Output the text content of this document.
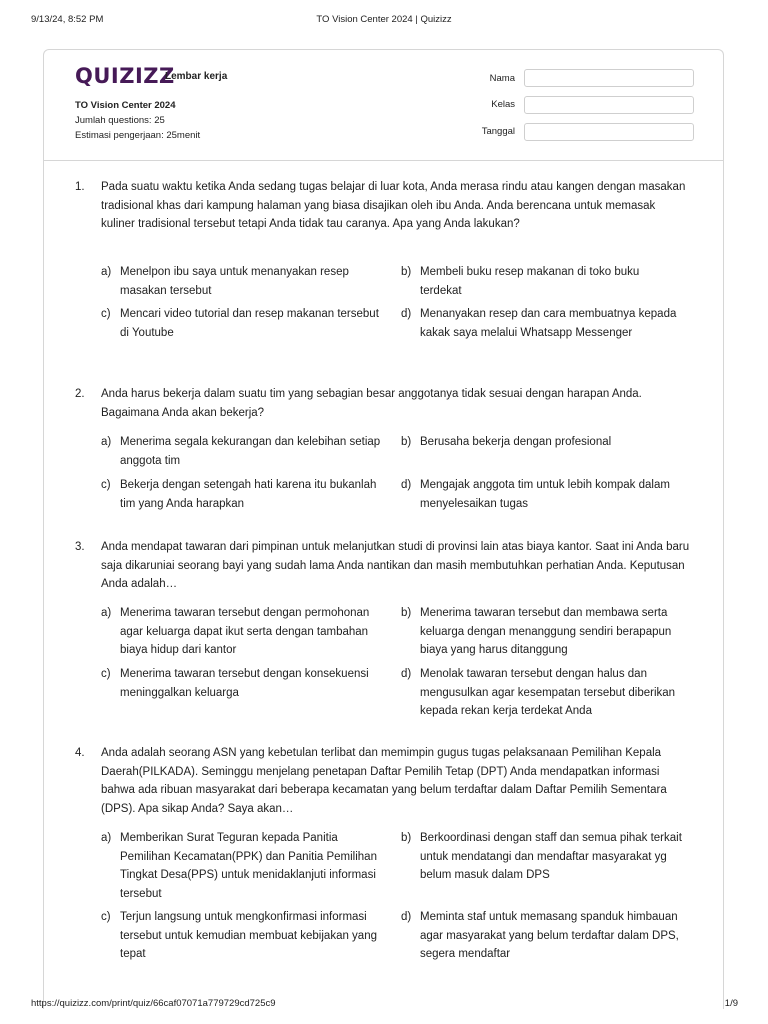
9/13/24, 8:52 PM	TO Vision Center 2024 | Quizizz
QUIZIZZ
Lembar kerja
TO Vision Center 2024
Jumlah questions: 25
Estimasi pengerjaan: 25menit
Nama
Kelas
Tanggal
1. Pada suatu waktu ketika Anda sedang tugas belajar di luar kota, Anda merasa rindu atau kangen dengan masakan tradisional khas dari kampung halaman yang biasa disajikan oleh ibu Anda. Anda berencana untuk memasak kuliner tradisional tersebut tetapi Anda tidak tau caranya. Apa yang Anda lakukan?
a) Menelpon ibu saya untuk menanyakan resep masakan tersebut
b) Membeli buku resep makanan di toko buku terdekat
c) Mencari video tutorial dan resep makanan tersebut di Youtube
d) Menanyakan resep dan cara membuatnya kepada kakak saya melalui Whatsapp Messenger
2. Anda harus bekerja dalam suatu tim yang sebagian besar anggotanya tidak sesuai dengan harapan Anda. Bagaimana Anda akan bekerja?
a) Menerima segala kekurangan dan kelebihan setiap anggota tim
b) Berusaha bekerja dengan profesional
c) Bekerja dengan setengah hati karena itu bukanlah tim yang Anda harapkan
d) Mengajak anggota tim untuk lebih kompak dalam menyelesaikan tugas
3. Anda mendapat tawaran dari pimpinan untuk melanjutkan studi di provinsi lain atas biaya kantor. Saat ini Anda baru saja dikaruniai seorang bayi yang sudah lama Anda nantikan dan masih membutuhkan perhatian Anda. Keputusan Anda adalah…
a) Menerima tawaran tersebut dengan permohonan agar keluarga dapat ikut serta dengan tambahan biaya hidup dari kantor
b) Menerima tawaran tersebut dan membawa serta keluarga dengan menanggung sendiri berapapun biaya yang harus ditanggung
c) Menerima tawaran tersebut dengan konsekuensi meninggalkan keluarga
d) Menolak tawaran tersebut dengan halus dan mengusulkan agar kesempatan tersebut diberikan kepada rekan kerja terdekat Anda
4. Anda adalah seorang ASN yang kebetulan terlibat dan memimpin gugus tugas pelaksanaan Pemilihan Kepala Daerah(PILKADA). Seminggu menjelang penetapan Daftar Pemilih Tetap (DPT) Anda mendapatkan informasi bahwa ada ribuan masyarakat dari beberapa kecamatan yang belum terdaftar dalam Daftar Pemilih Sementara (DPS). Apa sikap Anda? Saya akan…
a) Memberikan Surat Teguran kepada Panitia Pemilihan Kecamatan(PPK) dan Panitia Pemilihan Tingkat Desa(PPS) untuk menidaklanjuti informasi tersebut
b) Berkoordinasi dengan staff dan semua pihak terkait untuk mendatangi dan mendaftar masyarakat yg belum masuk dalam DPS
c) Terjun langsung untuk mengkonfirmasi informasi tersebut untuk kemudian membuat kebijakan yang tepat
d) Meminta staf untuk memasang spanduk himbauan agar masyarakat yang belum terdaftar dalam DPS, segera mendaftar
https://quizizz.com/print/quiz/66caf07071a779729cd725c9	1/9
